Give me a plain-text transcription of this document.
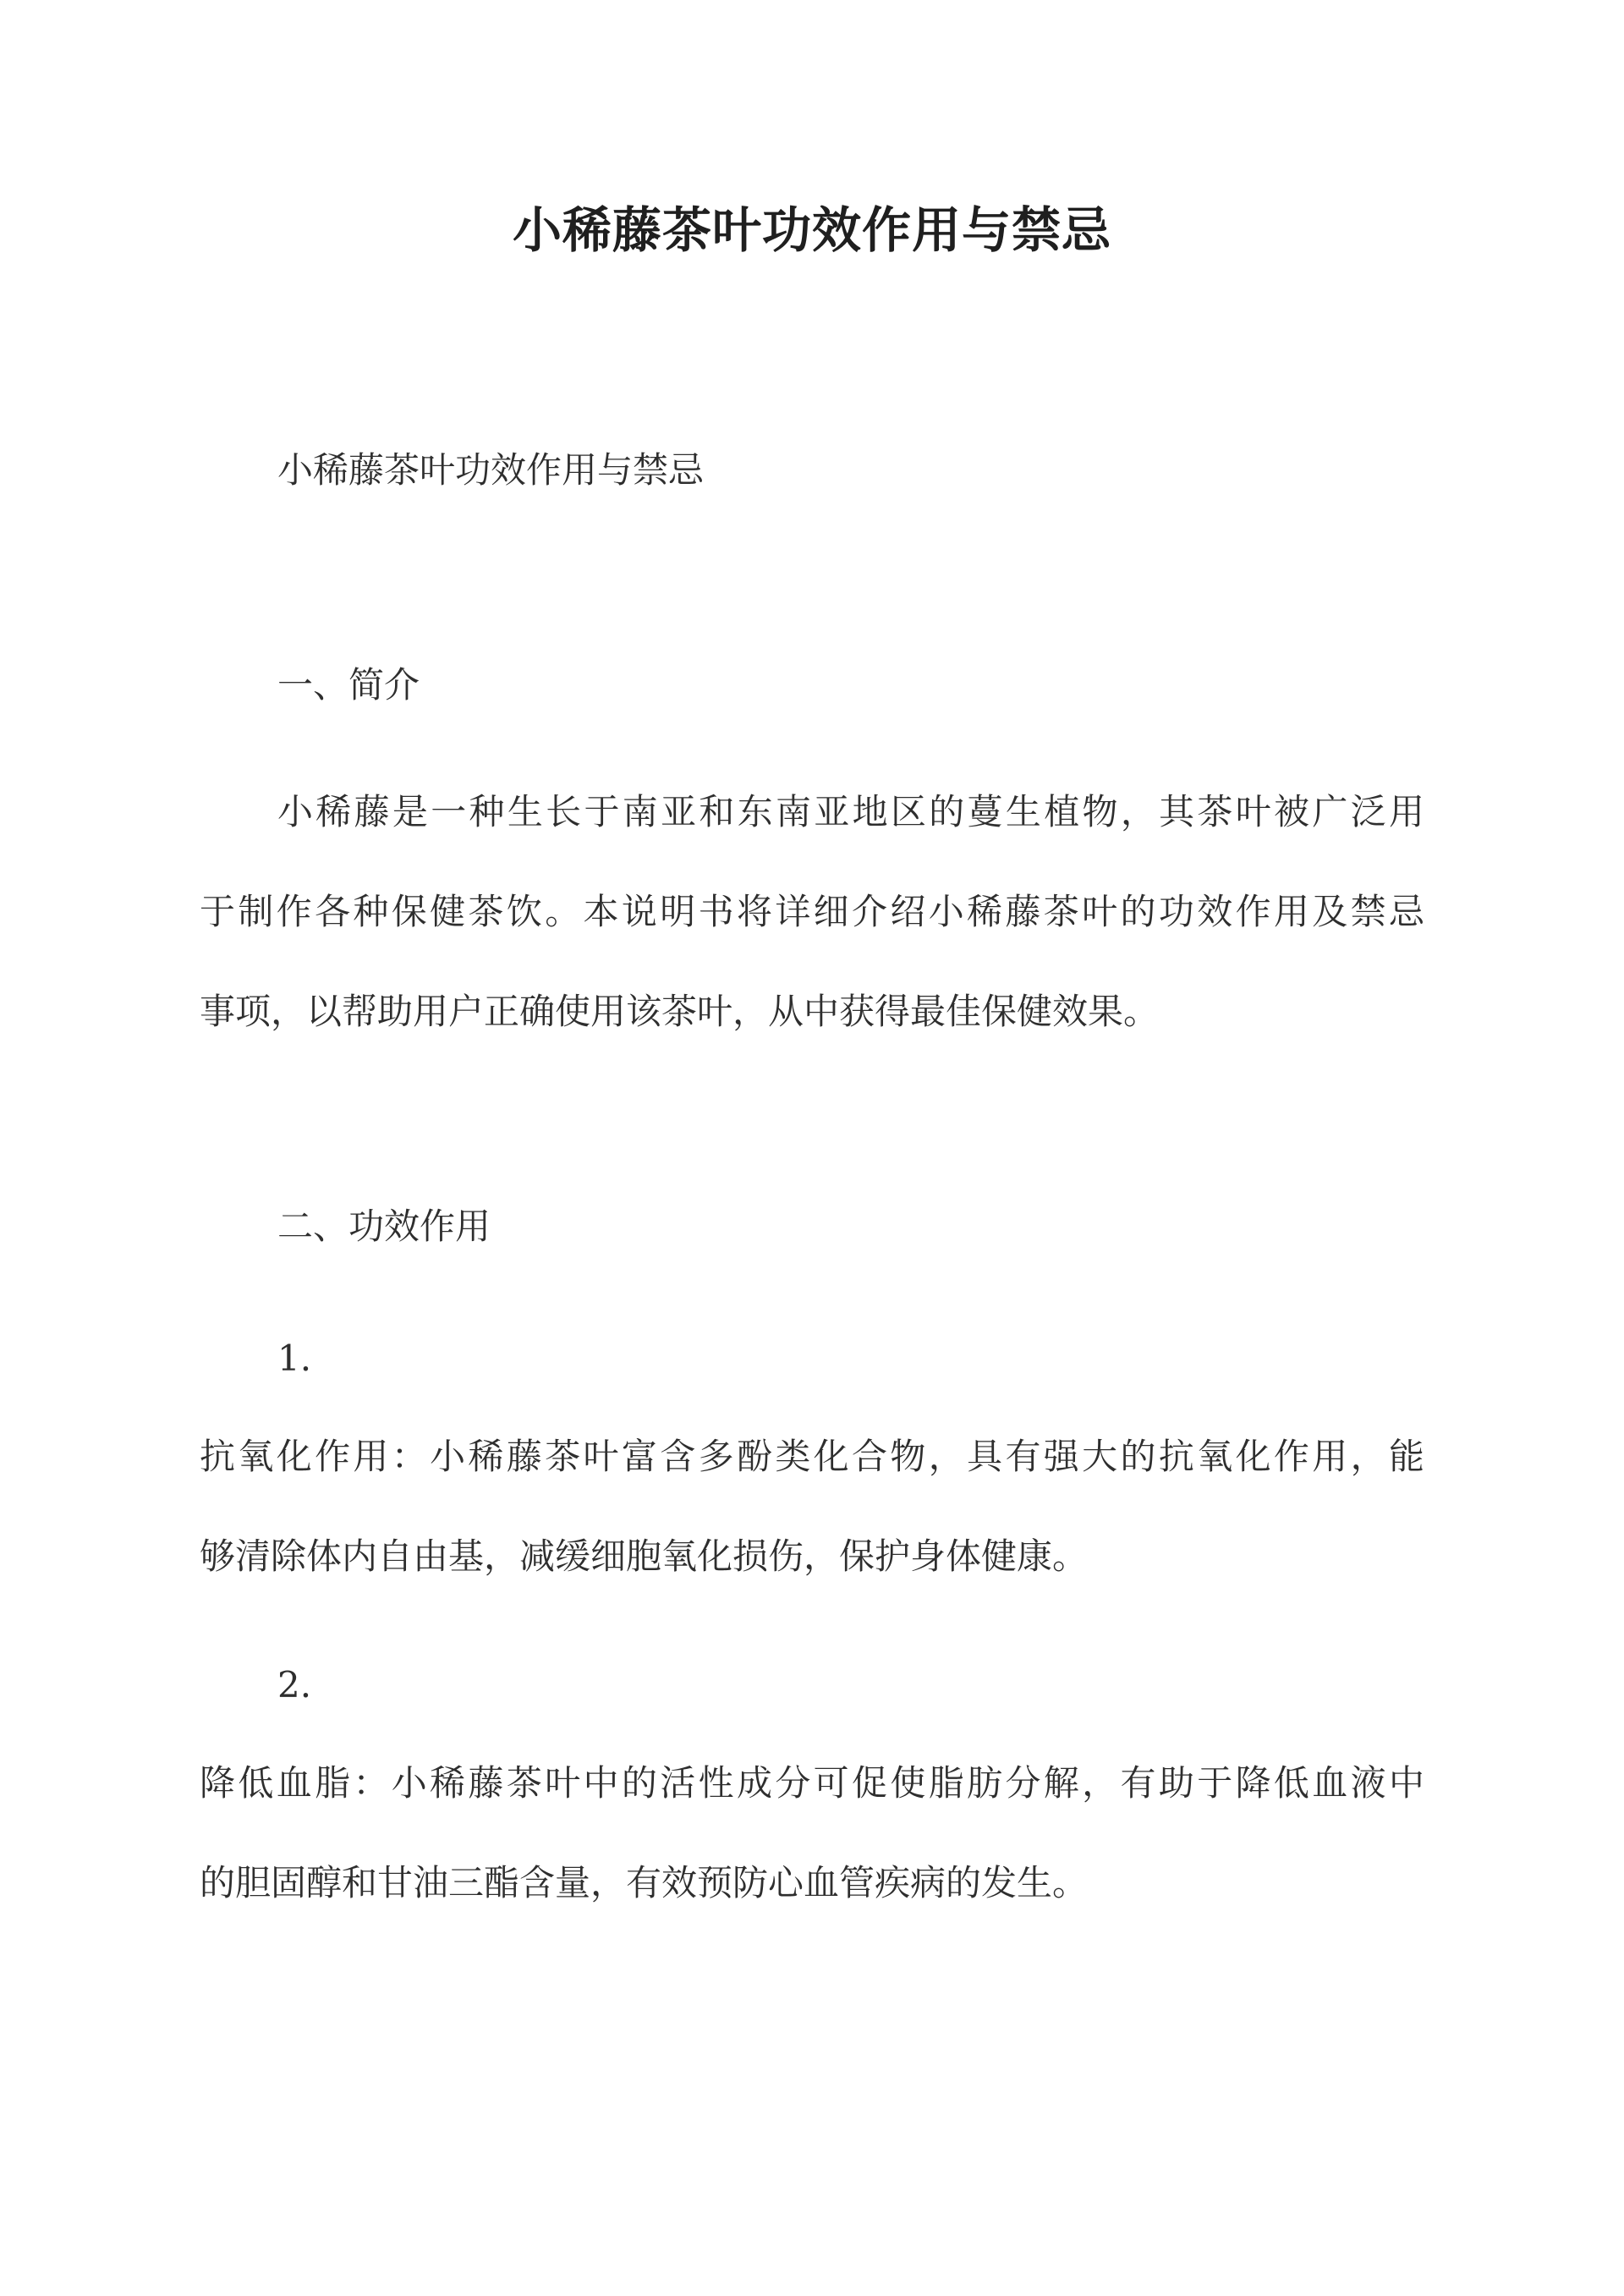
小稀藤茶叶功效作用与禁忌
小稀藤茶叶功效作用与禁忌
一、简介
小稀藤是一种生长于南亚和东南亚地区的蔓生植物，其茶叶被广泛用
于制作各种保健茶饮。本说明书将详细介绍小稀藤茶叶的功效作用及禁忌
事项，以帮助用户正确使用该茶叶，从中获得最佳保健效果。
二、功效作用
1.
抗氧化作用：小稀藤茶叶富含多酚类化合物，具有强大的抗氧化作用，能
够清除体内自由基，减缓细胞氧化损伤，保护身体健康。
2.
降低血脂：小稀藤茶叶中的活性成分可促使脂肪分解，有助于降低血液中
的胆固醇和甘油三酯含量，有效预防心血管疾病的发生。
